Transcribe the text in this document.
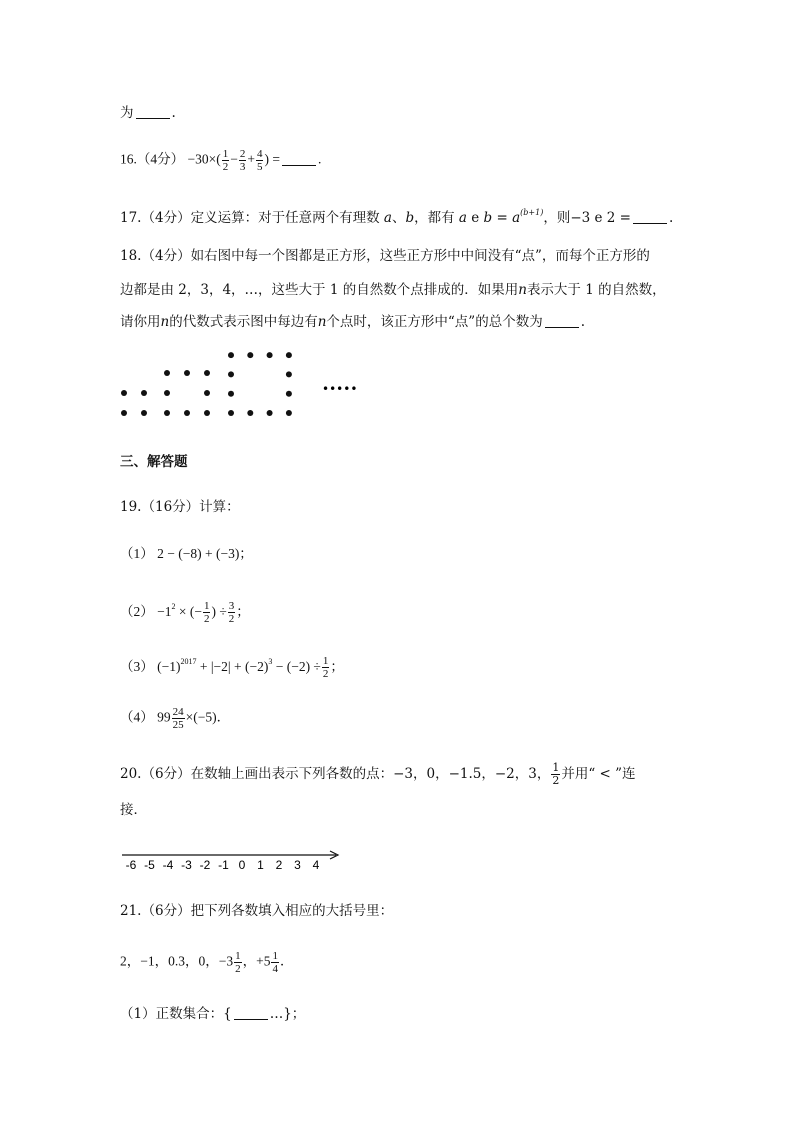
为	.
16.（4分） $-30\times( \frac{1}{2} - \frac{2}{3} + \frac{4}{5}$ ) =	.
17.（4分）定义运算：对于任意两个有理数 a、b，都有 a e $b = a^{(b+1)}$，则−3 e 2 =	.
18.（4分）如右图中每一个图都是正方形，这些正方形中中间没有“点”，而每个正方形的
边都是由 2，3，4，…，这些大于 1 的自然数个点排成的．如果用n表示大于 1 的自然数，
请你用n的代数式表示图中每边有n个点时，该正方形中“点”的总个数为	.
•••••
三、解答题
19.（16分）计算：
（1） 2 − (−8) + (−3)；
$(2) -1^2$ × (− $\frac{1}{2}$ ) ÷ $\frac{3}{2}$ ；
（3） $(-1)^{2017} + |-2| + (-2)^3 - (-2) \div \frac{1}{2}$ ；
（4） $99 \frac{24}{25} \times(-5)$．
20.（6分）在数轴上画出表示下列各数的点：−3，0，−1.5，−2，3， $\frac{1}{2}$ 并用“ < ”连
接．
-6 -5 -4 -3 -2 -1 0 1 2 3 4
21.（6分）把下列各数填入相应的大括号里：
2，−1，0.3，0，$-3 \frac{1}{2}$ ，$+5 \frac{1}{4}$ ．
（1）正数集合：{	…}；
